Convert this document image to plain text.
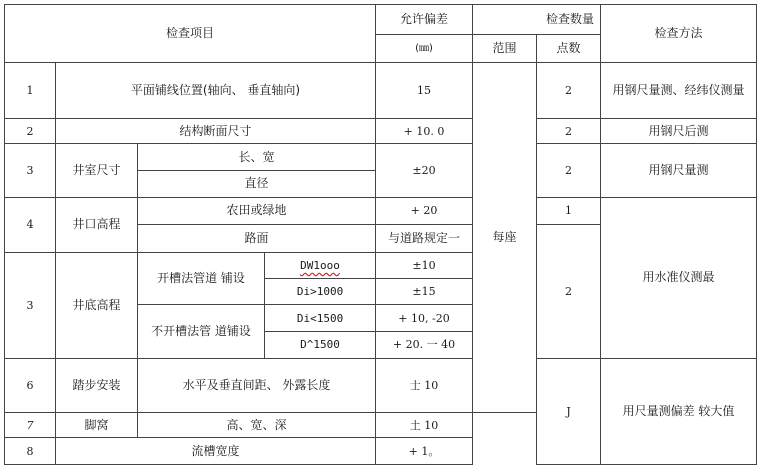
检查项目				允许偏差	检查数量		检查方法
				(㎜)	范围	点数	
1	平面铺线位置(轴向、 垂直轴向)			15	每座	2	用钢尺量测、经纬仪测量
2	结构断面尺寸			+ 10. 0		2	用钢尺后测
3	井室尺寸	长、宽		±20		2	用钢尺量测
		直径					
4	井口高程	农田或绿地		+ 20		1	用水准仪测最
		路面		与道路规定一		2	
3	井底高程	开槽法管道 铺设	DW1ooo	±10			
			Di>1000	±15			
		不开槽法管 道铺设	Di<1500	+ 10, -20			
			D^1500	+ 20. 一 40			
6	踏步安装	水平及垂直间距、 外露长度		士 10		J	用尺量测偏差 较大值
7	脚窝	高、宽、深		土 10			
8	流槽宽度			+ 1。			
